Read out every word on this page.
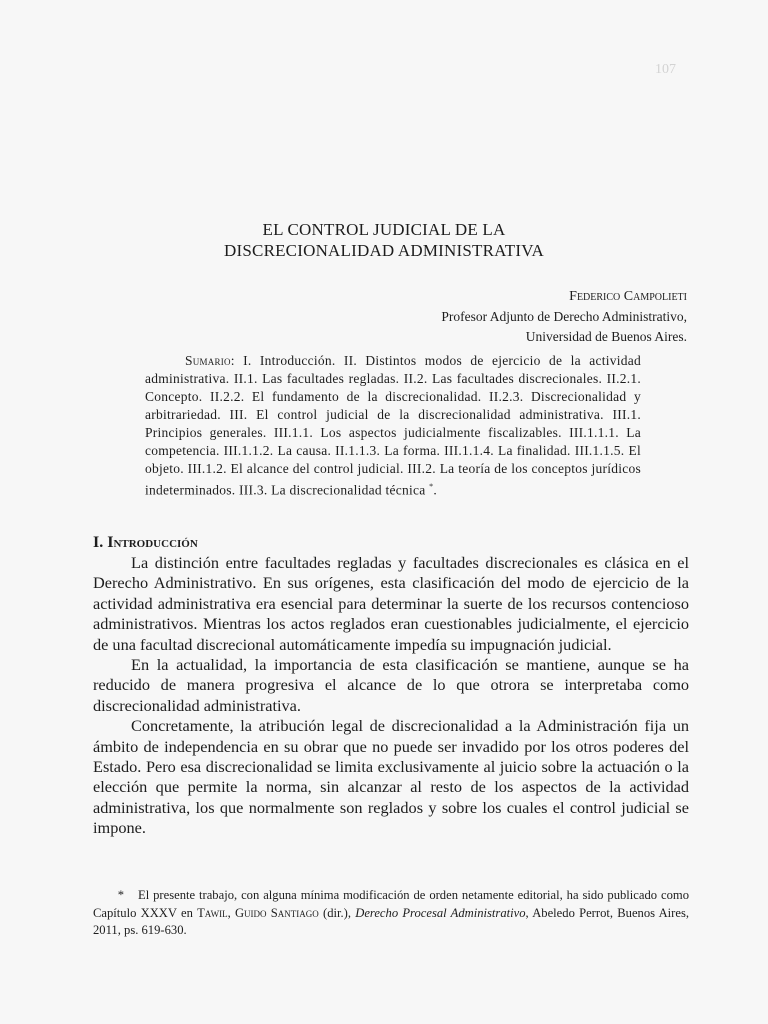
107
EL CONTROL JUDICIAL DE LA
DISCRECIONALIDAD ADMINISTRATIVA
Federico Campolieti
Profesor Adjunto de Derecho Administrativo,
Universidad de Buenos Aires.
Sumario: I. Introducción. II. Distintos modos de ejercicio de la actividad administrativa. II.1. Las facultades regladas. II.2. Las facultades discrecionales. II.2.1. Concepto. II.2.2. El fundamento de la discrecionalidad. II.2.3. Discrecionalidad y arbitrariedad. III. El control judicial de la discrecionalidad administrativa. III.1. Principios generales. III.1.1. Los aspectos judicialmente fiscalizables. III.1.1.1. La competencia. III.1.1.2. La causa. II.1.1.3. La forma. III.1.1.4. La finalidad. III.1.1.5. El objeto. III.1.2. El alcance del control judicial. III.2. La teoría de los conceptos jurídicos indeterminados. III.3. La discrecionalidad técnica *.
I. Introducción

La distinción entre facultades regladas y facultades discrecionales es clásica en el Derecho Administrativo. En sus orígenes, esta clasificación del modo de ejercicio de la actividad administrativa era esencial para determinar la suerte de los recursos contencioso administrativos. Mientras los actos reglados eran cuestionables judicialmente, el ejercicio de una facultad discrecional automáticamente impedía su impugnación judicial.

En la actualidad, la importancia de esta clasificación se mantiene, aunque se ha reducido de manera progresiva el alcance de lo que otrora se interpretaba como discrecionalidad administrativa.

Concretamente, la atribución legal de discrecionalidad a la Administración fija un ámbito de independencia en su obrar que no puede ser invadido por los otros poderes del Estado. Pero esa discrecionalidad se limita exclusivamente al juicio sobre la actuación o la elección que permite la norma, sin alcanzar al resto de los aspectos de la actividad administrativa, los que normalmente son reglados y sobre los cuales el control judicial se impone.

* El presente trabajo, con alguna mínima modificación de orden netamente editorial, ha sido publicado como Capítulo XXXV en Tawil, Guido Santiago (dir.), Derecho Procesal Administrativo, Abeledo Perrot, Buenos Aires, 2011, ps. 619-630.
